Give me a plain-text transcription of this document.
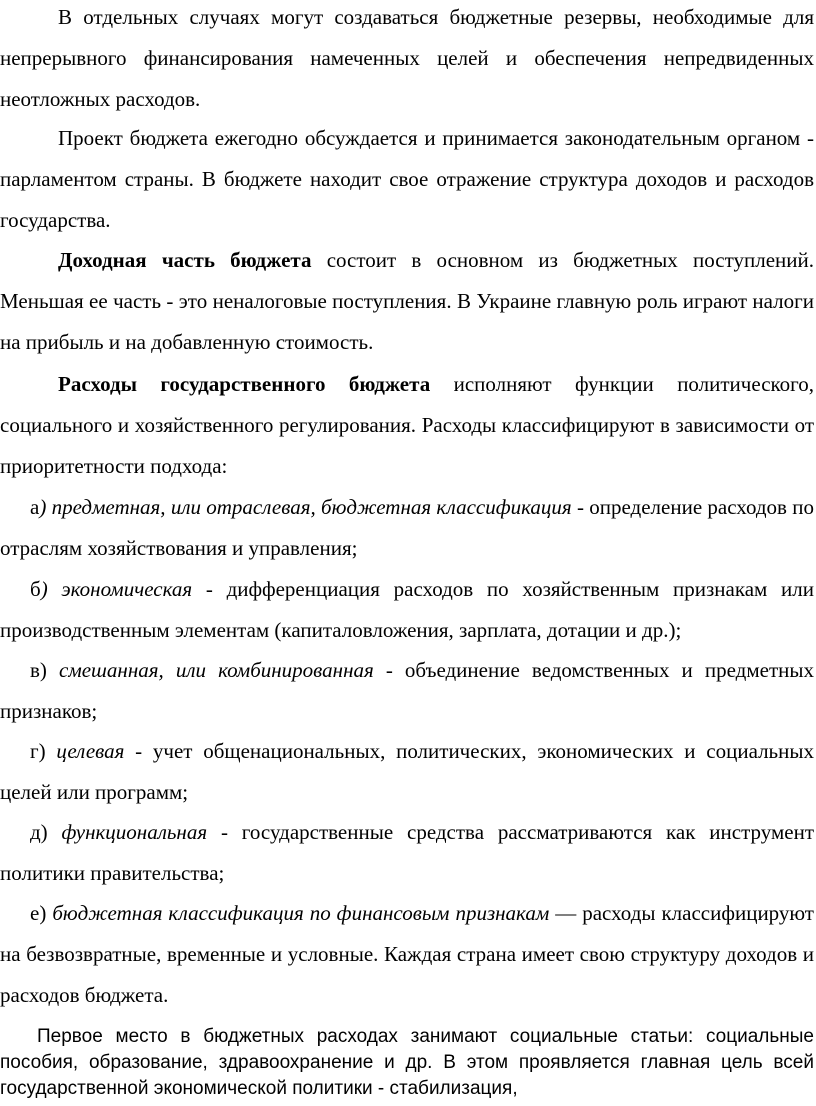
В отдельных случаях могут создаваться бюджетные резервы, необходимые для непрерывного финансирования намеченных целей и обеспечения непредвиденных неотложных расходов.

Проект бюджета ежегодно обсуждается и принимается законодательным органом - парламентом страны. В бюджете находит свое отражение структура доходов и расходов государства.

Доходная часть бюджета состоит в основном из бюджетных поступлений. Меньшая ее часть - это неналоговые поступления. В Украине главную роль играют налоги на прибыль и на добавленную стоимость.

Расходы государственного бюджета исполняют функции политического, социального и хозяйственного регулирования. Расходы классифицируют в зависимости от приоритетности подхода:

а) предметная, или отраслевая, бюджетная классификация - определение расходов по отраслям хозяйствования и управления;

б) экономическая - дифференциация расходов по хозяйственным признакам или производственным элементам (капиталовложения, зарплата, дотации и др.);

в) смешанная, или комбинированная - объединение ведомственных и предметных признаков;

г) целевая - учет общенациональных, политических, экономических и социальных целей или программ;

д) функциональная - государственные средства рассматриваются как инструмент политики правительства;

е) бюджетная классификация по финансовым признакам — расходы классифицируют на безвозвратные, временные и условные. Каждая страна имеет свою структуру доходов и расходов бюджета.

Первое место в бюджетных расходах занимают социальные статьи: социальные пособия, образование, здравоохранение и др. В этом проявляется главная цель всей государственной экономической политики - стабилизация,
